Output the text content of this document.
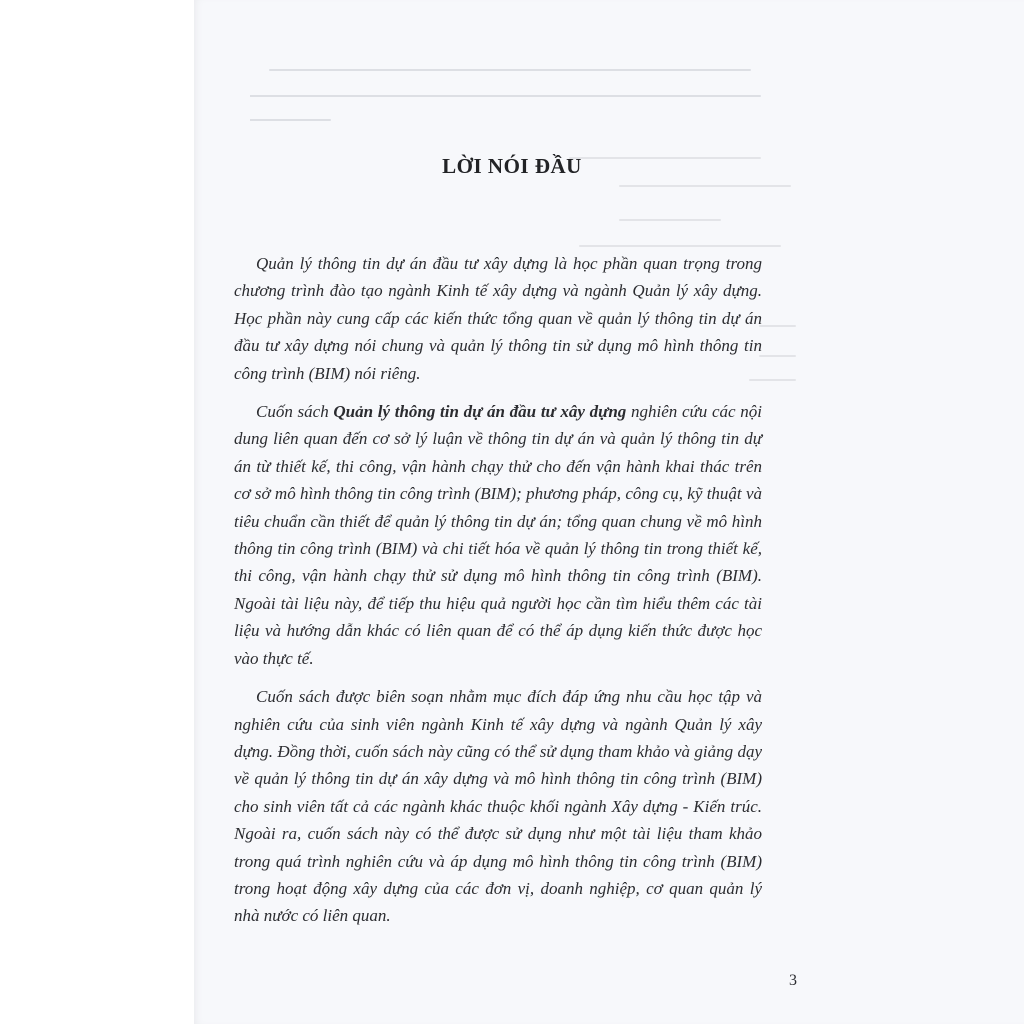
LỜI NÓI ĐẦU

Quản lý thông tin dự án đầu tư xây dựng là học phần quan trọng trong chương trình đào tạo ngành Kinh tế xây dựng và ngành Quản lý xây dựng. Học phần này cung cấp các kiến thức tổng quan về quản lý thông tin dự án đầu tư xây dựng nói chung và quản lý thông tin sử dụng mô hình thông tin công trình (BIM) nói riêng.

Cuốn sách Quản lý thông tin dự án đầu tư xây dựng nghiên cứu các nội dung liên quan đến cơ sở lý luận về thông tin dự án và quản lý thông tin dự án từ thiết kế, thi công, vận hành chạy thử cho đến vận hành khai thác trên cơ sở mô hình thông tin công trình (BIM); phương pháp, công cụ, kỹ thuật và tiêu chuẩn cần thiết để quản lý thông tin dự án; tổng quan chung về mô hình thông tin công trình (BIM) và chi tiết hóa về quản lý thông tin trong thiết kế, thi công, vận hành chạy thử sử dụng mô hình thông tin công trình (BIM). Ngoài tài liệu này, để tiếp thu hiệu quả người học cần tìm hiểu thêm các tài liệu và hướng dẫn khác có liên quan để có thể áp dụng kiến thức được học vào thực tế.

Cuốn sách được biên soạn nhằm mục đích đáp ứng nhu cầu học tập và nghiên cứu của sinh viên ngành Kinh tế xây dựng và ngành Quản lý xây dựng. Đồng thời, cuốn sách này cũng có thể sử dụng tham khảo và giảng dạy về quản lý thông tin dự án xây dựng và mô hình thông tin công trình (BIM) cho sinh viên tất cả các ngành khác thuộc khối ngành Xây dựng - Kiến trúc. Ngoài ra, cuốn sách này có thể được sử dụng như một tài liệu tham khảo trong quá trình nghiên cứu và áp dụng mô hình thông tin công trình (BIM) trong hoạt động xây dựng của các đơn vị, doanh nghiệp, cơ quan quản lý nhà nước có liên quan.

3
